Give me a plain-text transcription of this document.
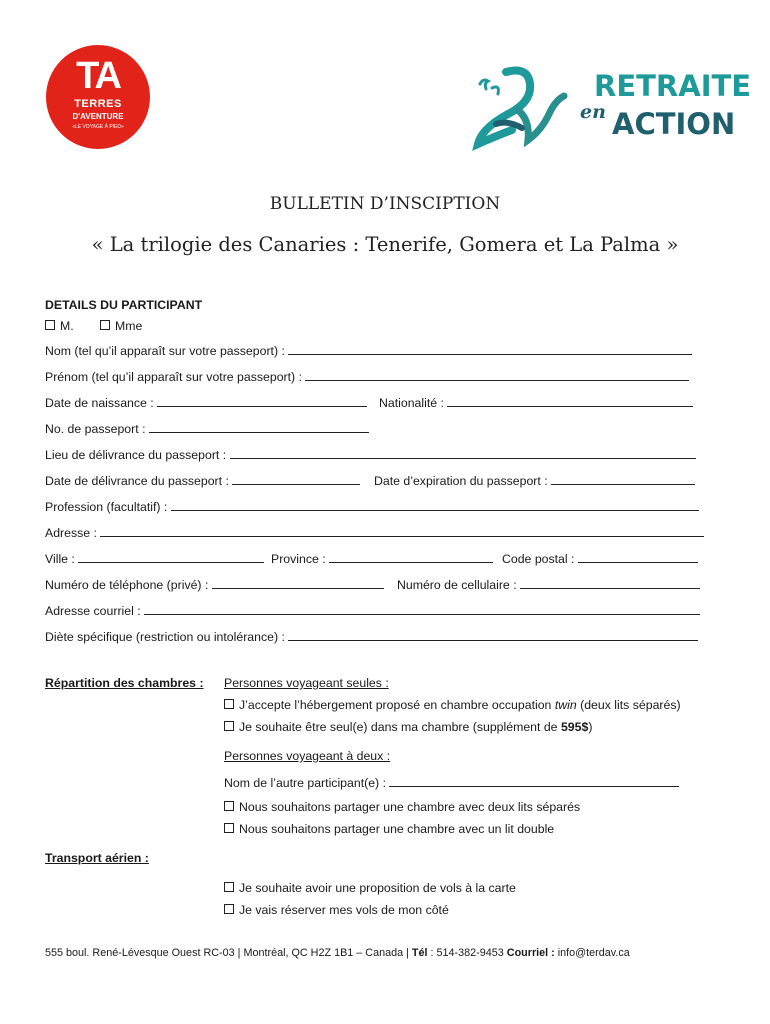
TA
TERRES
D'AVENTURE
«LE VOYAGE À PIED»
RETRAITE
en ACTION
BULLETIN D’INSCIPTION
« La trilogie des Canaries : Tenerife, Gomera et La Palma »
DETAILS DU PARTICIPANT
M.	Mme
Nom (tel qu’il apparaît sur votre passeport) :
Prénom (tel qu’il apparaît sur votre passeport) :
Date de naissance :	Nationalité :
No. de passeport :
Lieu de délivrance du passeport :
Date de délivrance du passeport :	Date d’expiration du passeport :
Profession (facultatif) :
Adresse :
Ville :	Province :	Code postal :
Numéro de téléphone (privé) :	Numéro de cellulaire :
Adresse courriel :
Diète spécifique (restriction ou intolérance) :
Répartition des chambres : Personnes voyageant seules :
J’accepte l’hébergement proposé en chambre occupation twin (deux lits séparés)
Je souhaite être seul(e) dans ma chambre (supplément de 595$)
Personnes voyageant à deux :
Nom de l’autre participant(e) :
Nous souhaitons partager une chambre avec deux lits séparés
Nous souhaitons partager une chambre avec un lit double
Transport aérien :
Je souhaite avoir une proposition de vols à la carte
Je vais réserver mes vols de mon côté
555 boul. René-Lévesque Ouest RC-03 | Montréal, QC H2Z 1B1 – Canada | Tél : 514-382-9453 Courriel : info@terdav.ca
